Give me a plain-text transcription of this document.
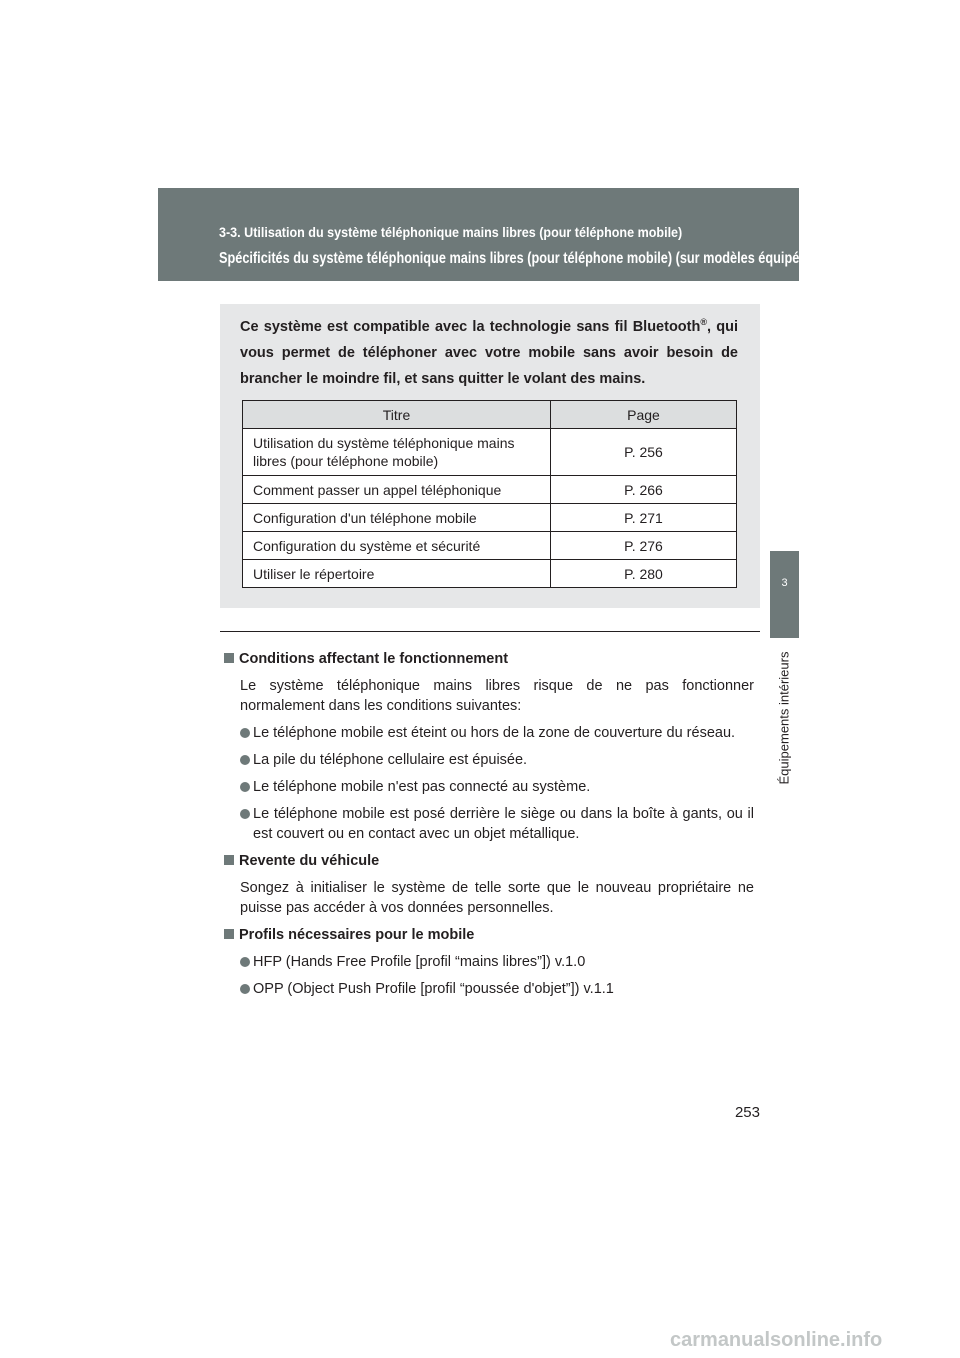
3-3. Utilisation du système téléphonique mains libres (pour téléphone mobile)
Spécificités du système téléphonique mains libres (pour téléphone mobile) (sur modèles équipés)
3
Équipements intérieurs
Ce système est compatible avec la technologie sans fil Bluetooth®, qui vous permet de téléphoner avec votre mobile sans avoir besoin de brancher le moindre fil, et sans quitter le volant des mains.
Titre	Page
Utilisation du système téléphonique mains libres (pour téléphone mobile)	P. 256
Comment passer un appel téléphonique	P. 266
Configuration d'un téléphone mobile	P. 271
Configuration du système et sécurité	P. 276
Utiliser le répertoire	P. 280
Conditions affectant le fonctionnement
Le système téléphonique mains libres risque de ne pas fonctionner normalement dans les conditions suivantes:
Le téléphone mobile est éteint ou hors de la zone de couverture du réseau.
La pile du téléphone cellulaire est épuisée.
Le téléphone mobile n'est pas connecté au système.
Le téléphone mobile est posé derrière le siège ou dans la boîte à gants, ou il est couvert ou en contact avec un objet métallique.
Revente du véhicule
Songez à initialiser le système de telle sorte que le nouveau propriétaire ne puisse pas accéder à vos données personnelles.
Profils nécessaires pour le mobile
HFP (Hands Free Profile [profil “mains libres”]) v.1.0
OPP (Object Push Profile [profil “poussée d'objet”]) v.1.1
253
carmanualsonline.info
